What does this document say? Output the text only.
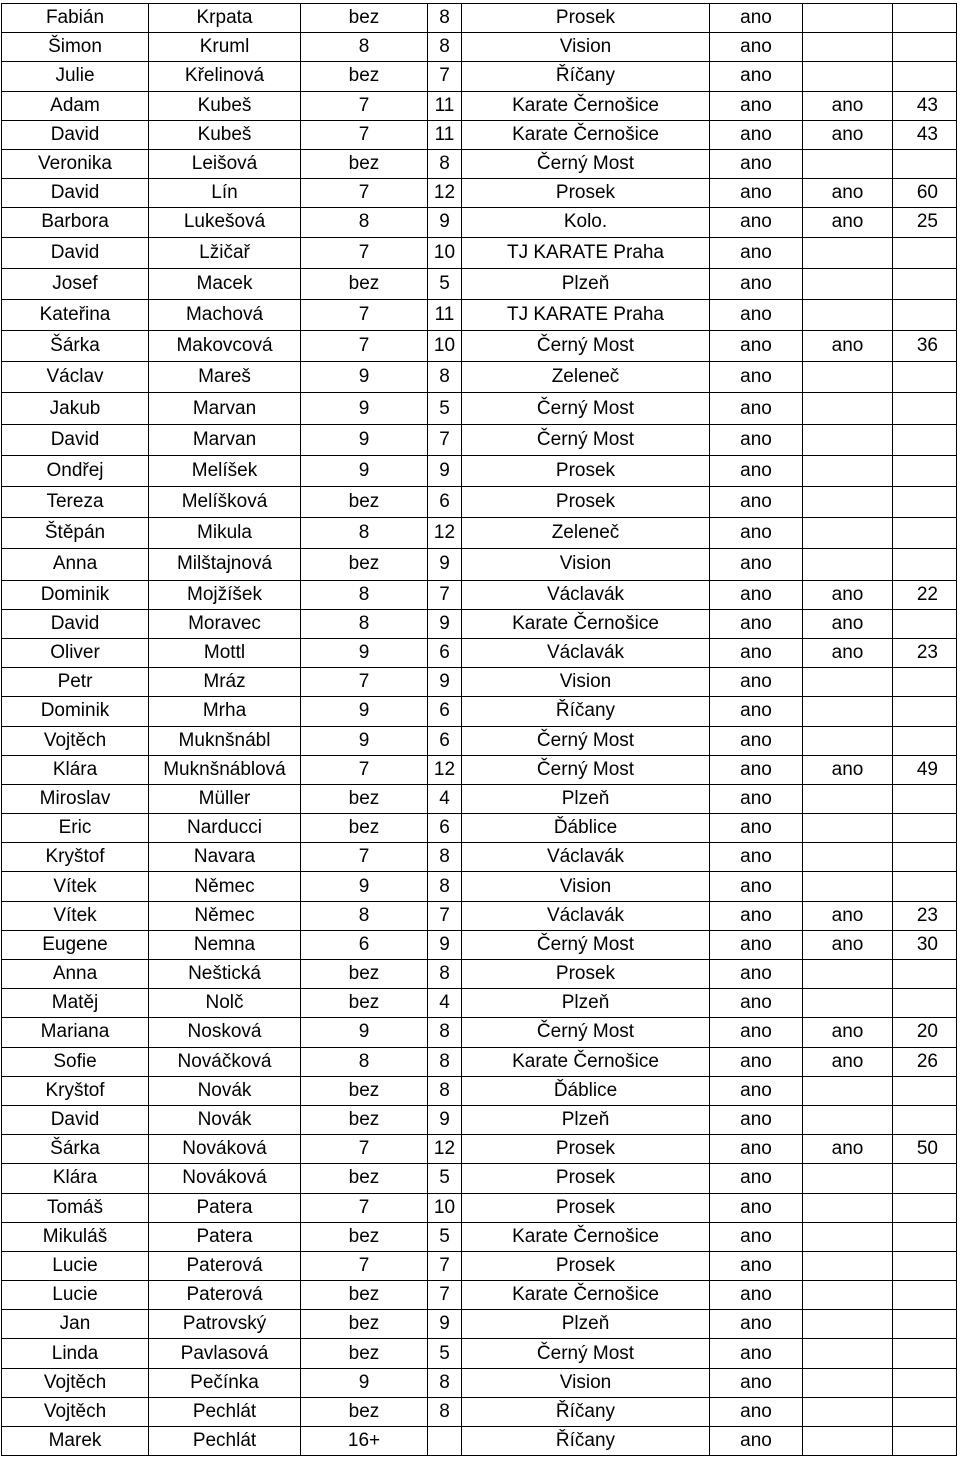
Fabián	Krpata	bez	8	Prosek	ano		
Šimon	Kruml	8	8	Vision	ano		
Julie	Křelinová	bez	7	Říčany	ano		
Adam	Kubeš	7	11	Karate Černošice	ano	ano	43
David	Kubeš	7	11	Karate Černošice	ano	ano	43
Veronika	Leišová	bez	8	Černý Most	ano		
David	Lín	7	12	Prosek	ano	ano	60
Barbora	Lukešová	8	9	Kolo.	ano	ano	25
David	Lžičař	7	10	TJ KARATE Praha	ano		
Josef	Macek	bez	5	Plzeň	ano		
Kateřina	Machová	7	11	TJ KARATE Praha	ano		
Šárka	Makovcová	7	10	Černý Most	ano	ano	36
Václav	Mareš	9	8	Zeleneč	ano		
Jakub	Marvan	9	5	Černý Most	ano		
David	Marvan	9	7	Černý Most	ano		
Ondřej	Melíšek	9	9	Prosek	ano		
Tereza	Melíšková	bez	6	Prosek	ano		
Štěpán	Mikula	8	12	Zeleneč	ano		
Anna	Milštajnová	bez	9	Vision	ano		
Dominik	Mojžíšek	8	7	Václavák	ano	ano	22
David	Moravec	8	9	Karate Černošice	ano	ano	
Oliver	Mottl	9	6	Václavák	ano	ano	23
Petr	Mráz	7	9	Vision	ano		
Dominik	Mrha	9	6	Říčany	ano		
Vojtěch	Muknšnábl	9	6	Černý Most	ano		
Klára	Muknšnáblová	7	12	Černý Most	ano	ano	49
Miroslav	Müller	bez	4	Plzeň	ano		
Eric	Narducci	bez	6	Ďáblice	ano		
Kryštof	Navara	7	8	Václavák	ano		
Vítek	Němec	9	8	Vision	ano		
Vítek	Němec	8	7	Václavák	ano	ano	23
Eugene	Nemna	6	9	Černý Most	ano	ano	30
Anna	Neštická	bez	8	Prosek	ano		
Matěj	Nolč	bez	4	Plzeň	ano		
Mariana	Nosková	9	8	Černý Most	ano	ano	20
Sofie	Nováčková	8	8	Karate Černošice	ano	ano	26
Kryštof	Novák	bez	8	Ďáblice	ano		
David	Novák	bez	9	Plzeň	ano		
Šárka	Nováková	7	12	Prosek	ano	ano	50
Klára	Nováková	bez	5	Prosek	ano		
Tomáš	Patera	7	10	Prosek	ano		
Mikuláš	Patera	bez	5	Karate Černošice	ano		
Lucie	Paterová	7	7	Prosek	ano		
Lucie	Paterová	bez	7	Karate Černošice	ano		
Jan	Patrovský	bez	9	Plzeň	ano		
Linda	Pavlasová	bez	5	Černý Most	ano		
Vojtěch	Pečínka	9	8	Vision	ano		
Vojtěch	Pechlát	bez	8	Říčany	ano		
Marek	Pechlát	16+		Říčany	ano		
